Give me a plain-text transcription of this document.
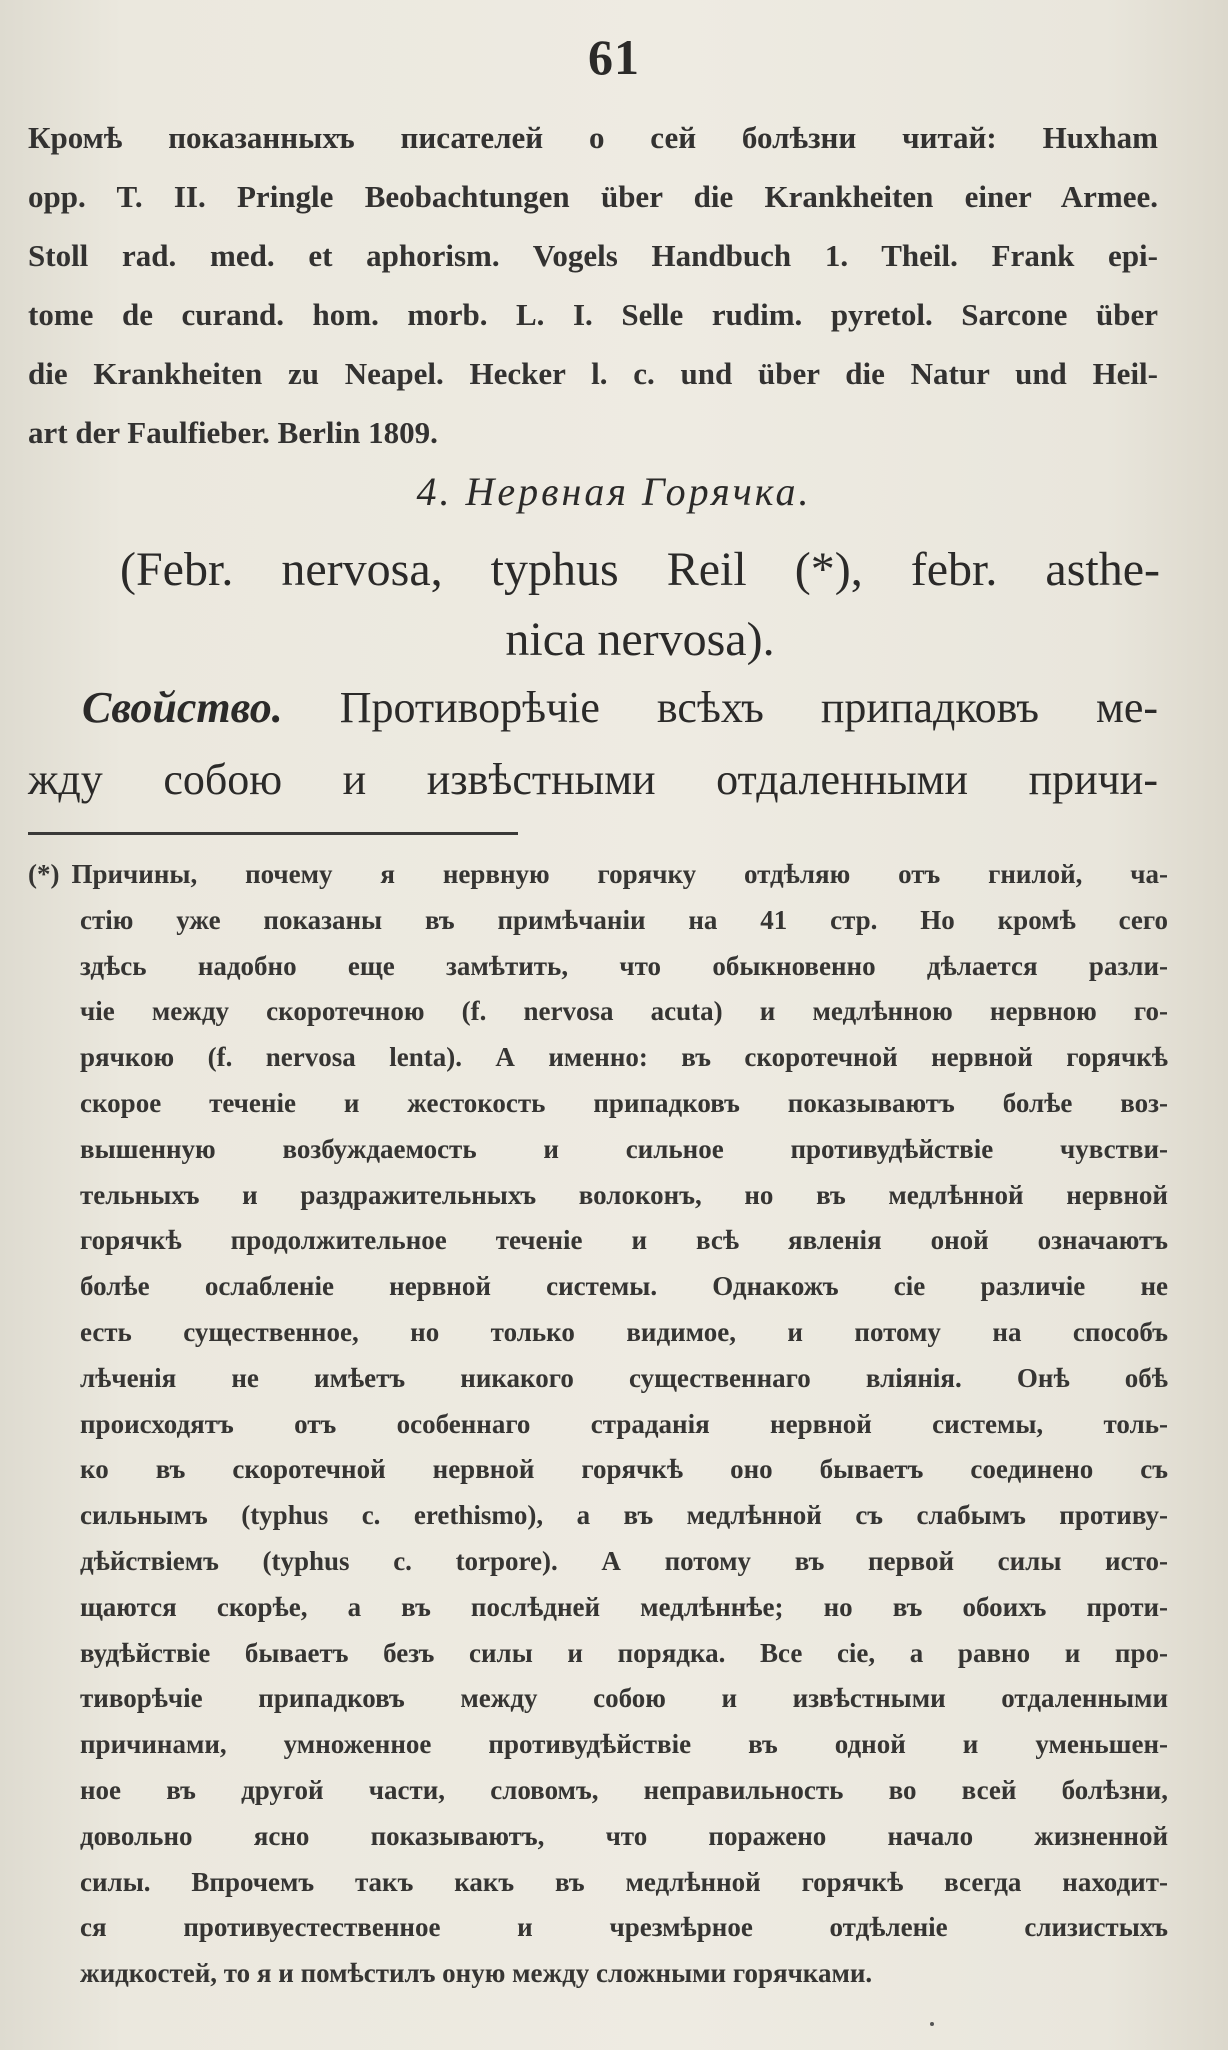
61
Кромѣ показанныхъ писателей о сей болѣзни читай: Huxham
opp. T. II. Pringle Beobachtungen über die Krankheiten einer Armee.
Stoll rad. med. et aphorism. Vogels Handbuch 1. Theil. Frank epi-
tome de curand. hom. morb. L. I. Selle rudim. pyretol. Sarcone über
die Krankheiten zu Neapel. Hecker l. c. und über die Natur und Heil-
art der Faulfieber. Berlin 1809.
4. Нервная Горячка.
(Febr. nervosa, typhus Reil (*), febr. asthe-
nica nervosa).
Свойство. Противорѣчіе всѣхъ припадковъ ме-
жду собою и извѣстными отдаленными причи-
(*) Причины, почему я нервную горячку отдѣляю отъ гнилой, ча-
стію уже показаны въ примѣчаніи на 41 стр. Но кромѣ сего
здѣсь надобно еще замѣтить, что обыкновенно дѣлается разли-
чіе между скоротечною (f. nervosa acuta) и медлѣнною нервною го-
рячкою (f. nervosa lenta). А именно: въ скоротечной нервной горячкѣ
скорое теченіе и жестокость припадковъ показываютъ болѣе воз-
вышенную возбуждаемость и сильное противудѣйствіе чувстви-
тельныхъ и раздражительныхъ волоконъ, но въ медлѣнной нервной
горячкѣ продолжительное теченіе и всѣ явленія оной означаютъ
болѣе ослабленіе нервной системы. Однакожъ сіе различіе не
есть существенное, но только видимое, и потому на способъ
лѣченія не имѣетъ никакого существеннаго вліянія. Онѣ обѣ
происходятъ отъ особеннаго страданія нервной системы, толь-
ко въ скоротечной нервной горячкѣ оно бываетъ соединено съ
сильнымъ (typhus c. erethismo), а въ медлѣнной съ слабымъ противу-
дѣйствіемъ (typhus c. torpore). А потому въ первой силы исто-
щаются скорѣе, а въ послѣдней медлѣннѣе; но въ обоихъ проти-
вудѣйствіе бываетъ безъ силы и порядка. Все сіе, а равно и про-
тиворѣчіе припадковъ между собою и извѣстными отдаленными
причинами, умноженное противудѣйствіе въ одной и уменьшен-
ное въ другой части, словомъ, неправильность во всей болѣзни,
довольно ясно показываютъ, что поражено начало жизненной
силы. Впрочемъ такъ какъ въ медлѣнной горячкѣ всегда находит-
ся противуестественное и чрезмѣрное отдѣленіе слизистыхъ
жидкостей, то я и помѣстилъ оную между сложными горячками.
